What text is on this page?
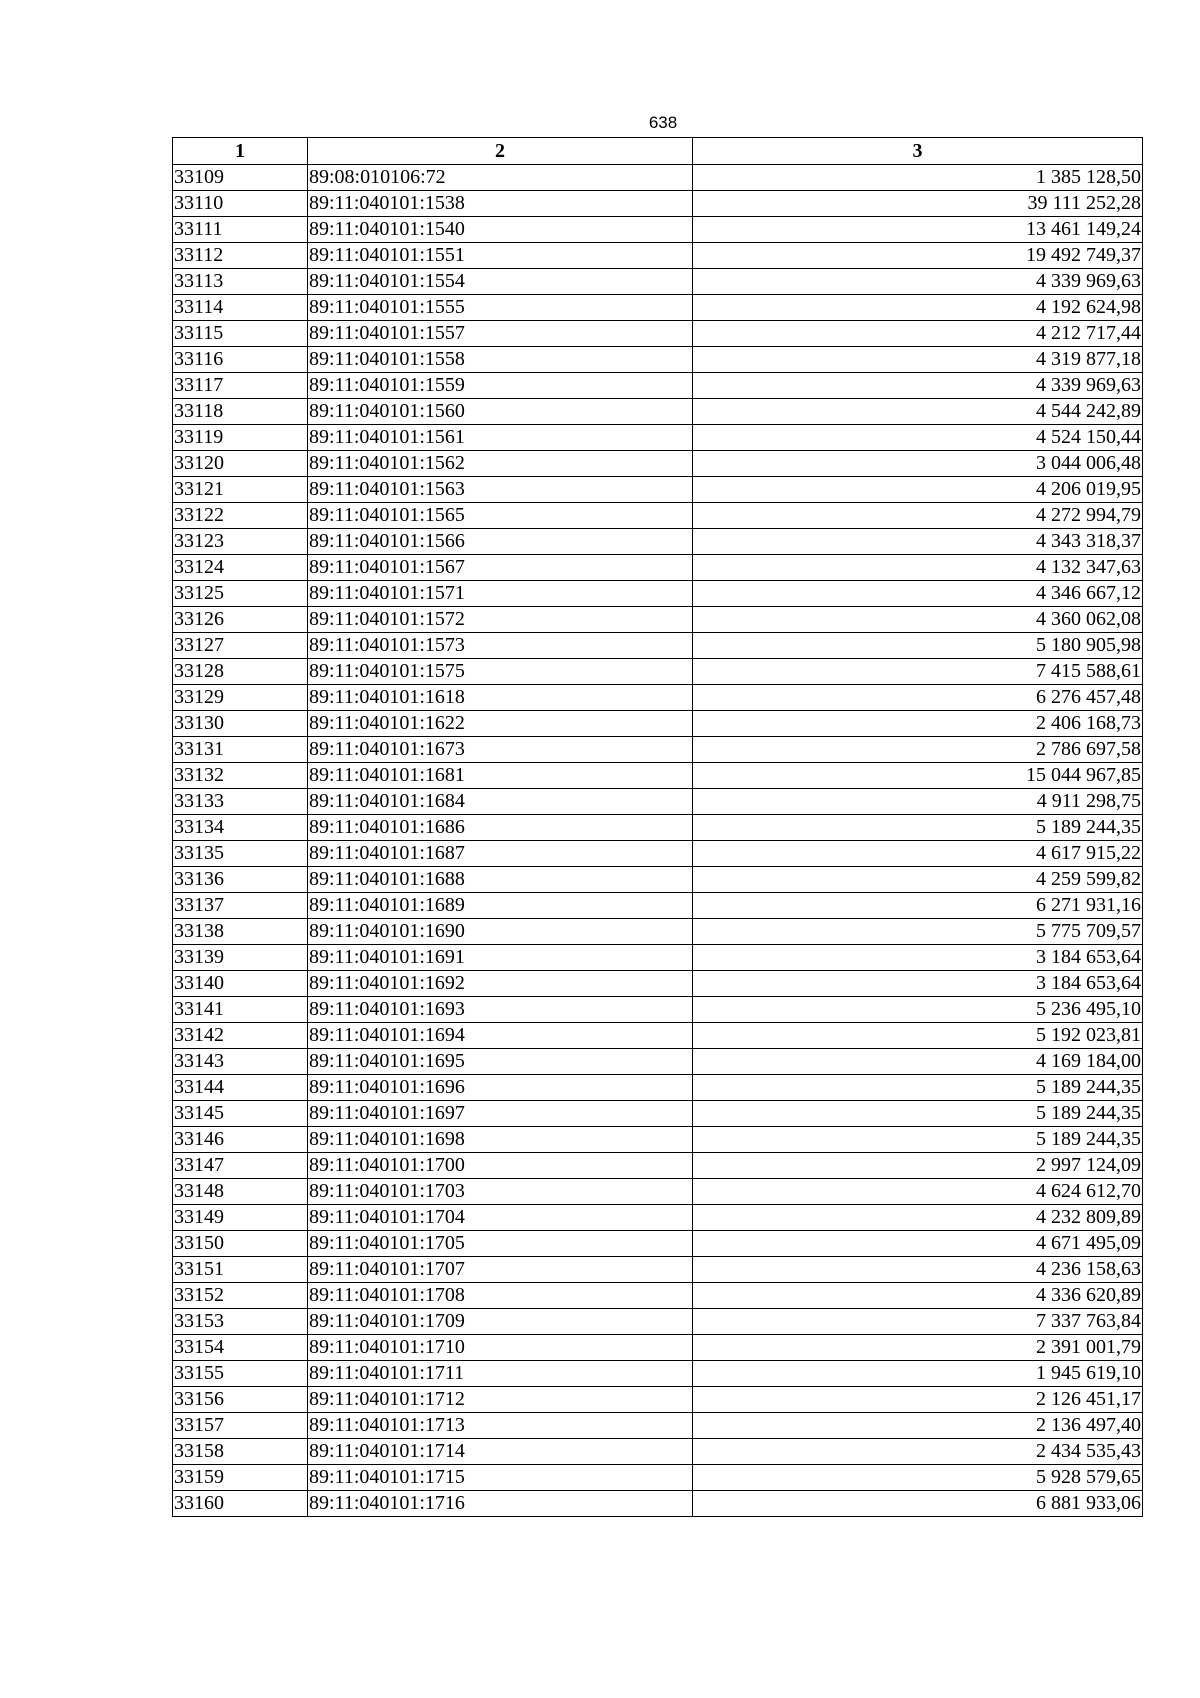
638
1	2	3
33109	89:08:010106:72	1 385 128,50
33110	89:11:040101:1538	39 111 252,28
33111	89:11:040101:1540	13 461 149,24
33112	89:11:040101:1551	19 492 749,37
33113	89:11:040101:1554	4 339 969,63
33114	89:11:040101:1555	4 192 624,98
33115	89:11:040101:1557	4 212 717,44
33116	89:11:040101:1558	4 319 877,18
33117	89:11:040101:1559	4 339 969,63
33118	89:11:040101:1560	4 544 242,89
33119	89:11:040101:1561	4 524 150,44
33120	89:11:040101:1562	3 044 006,48
33121	89:11:040101:1563	4 206 019,95
33122	89:11:040101:1565	4 272 994,79
33123	89:11:040101:1566	4 343 318,37
33124	89:11:040101:1567	4 132 347,63
33125	89:11:040101:1571	4 346 667,12
33126	89:11:040101:1572	4 360 062,08
33127	89:11:040101:1573	5 180 905,98
33128	89:11:040101:1575	7 415 588,61
33129	89:11:040101:1618	6 276 457,48
33130	89:11:040101:1622	2 406 168,73
33131	89:11:040101:1673	2 786 697,58
33132	89:11:040101:1681	15 044 967,85
33133	89:11:040101:1684	4 911 298,75
33134	89:11:040101:1686	5 189 244,35
33135	89:11:040101:1687	4 617 915,22
33136	89:11:040101:1688	4 259 599,82
33137	89:11:040101:1689	6 271 931,16
33138	89:11:040101:1690	5 775 709,57
33139	89:11:040101:1691	3 184 653,64
33140	89:11:040101:1692	3 184 653,64
33141	89:11:040101:1693	5 236 495,10
33142	89:11:040101:1694	5 192 023,81
33143	89:11:040101:1695	4 169 184,00
33144	89:11:040101:1696	5 189 244,35
33145	89:11:040101:1697	5 189 244,35
33146	89:11:040101:1698	5 189 244,35
33147	89:11:040101:1700	2 997 124,09
33148	89:11:040101:1703	4 624 612,70
33149	89:11:040101:1704	4 232 809,89
33150	89:11:040101:1705	4 671 495,09
33151	89:11:040101:1707	4 236 158,63
33152	89:11:040101:1708	4 336 620,89
33153	89:11:040101:1709	7 337 763,84
33154	89:11:040101:1710	2 391 001,79
33155	89:11:040101:1711	1 945 619,10
33156	89:11:040101:1712	2 126 451,17
33157	89:11:040101:1713	2 136 497,40
33158	89:11:040101:1714	2 434 535,43
33159	89:11:040101:1715	5 928 579,65
33160	89:11:040101:1716	6 881 933,06
